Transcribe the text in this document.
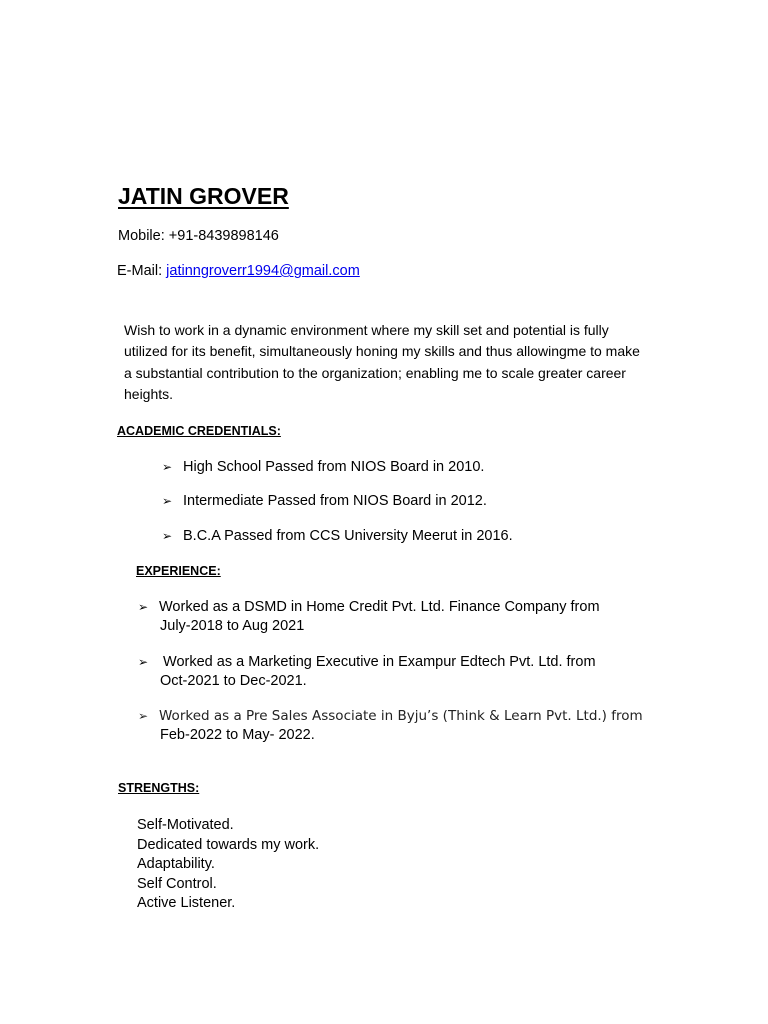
JATIN GROVER
Mobile: +91-8439898146
E-Mail: jatinngroverr1994@gmail.com
Wish to work in a dynamic environment where my skill set and potential is fully utilized for its benefit, simultaneously honing my skills and thus allowingme to make a substantial contribution to the organization; enabling me to scale greater career heights.
ACADEMIC CREDENTIALS:
➢ High School Passed from NIOS Board in 2010.
➢ Intermediate Passed from NIOS Board in 2012.
➢ B.C.A Passed from CCS University Meerut in 2016.
EXPERIENCE:
➢ Worked as a DSMD in Home Credit Pvt. Ltd. Finance Company from
July-2018 to Aug 2021
➢ Worked as a Marketing Executive in Exampur Edtech Pvt. Ltd. from
Oct-2021 to Dec-2021.
➢ Worked as a Pre Sales Associate in Byju’s (Think & Learn Pvt. Ltd.) from
Feb-2022 to May- 2022.
STRENGTHS:
Self-Motivated.
Dedicated towards my work.
Adaptability.
Self Control.
Active Listener.
